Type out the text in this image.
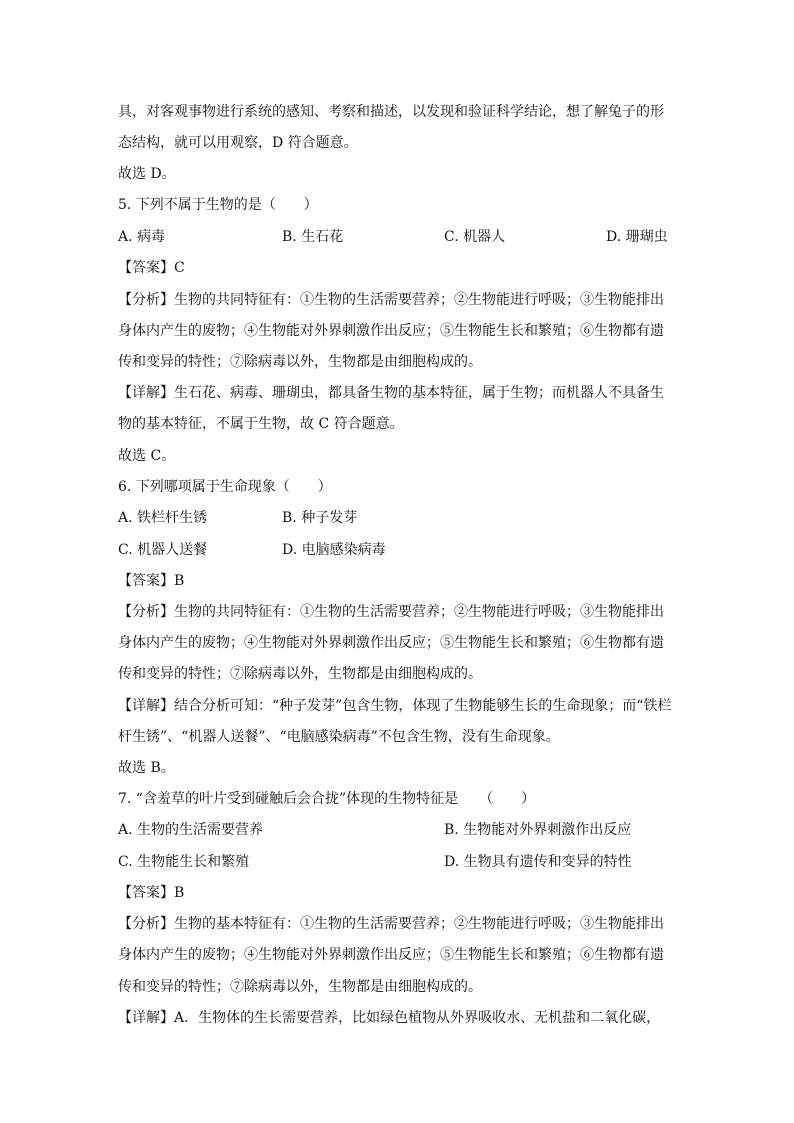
具，对客观事物进行系统的感知、考察和描述，以发现和验证科学结论，想了解兔子的形
态结构，就可以用观察，D 符合题意。
故选 D。
5. 下列不属于生物的是（　　）
A. 病毒	B. 生石花	C. 机器人	D. 珊瑚虫
【答案】C
【分析】生物的共同特征有：①生物的生活需要营养；②生物能进行呼吸；③生物能排出
身体内产生的废物；④生物能对外界刺激作出反应；⑤生物能生长和繁殖；⑥生物都有遗
传和变异的特性；⑦除病毒以外，生物都是由细胞构成的。
【详解】生石花、病毒、珊瑚虫，都具备生物的基本特征，属于生物；而机器人不具备生
物的基本特征，不属于生物，故 C 符合题意。
故选 C。
6. 下列哪项属于生命现象（　　）
A. 铁栏杆生锈	B. 种子发芽
C. 机器人送餐	D. 电脑感染病毒
【答案】B
【分析】生物的共同特征有：①生物的生活需要营养；②生物能进行呼吸；③生物能排出
身体内产生的废物；④生物能对外界刺激作出反应；⑤生物能生长和繁殖；⑥生物都有遗
传和变异的特性；⑦除病毒以外，生物都是由细胞构成的。
【详解】结合分析可知：“种子发芽”包含生物，体现了生物能够生长的生命现象；而“铁栏
杆生锈”、“机器人送餐”、“电脑感染病毒”不包含生物，没有生命现象。
故选 B。
7. “含羞草的叶片受到碰触后会合拢”体现的生物特征是　　（　　）
A. 生物的生活需要营养	B. 生物能对外界刺激作出反应
C. 生物能生长和繁殖	D. 生物具有遗传和变异的特性
【答案】B
【分析】生物的基本特征有：①生物的生活需要营养；②生物能进行呼吸；③生物能排出
身体内产生的废物；④生物能对外界刺激作出反应；⑤生物能生长和繁殖；⑥生物都有遗
传和变异的特性；⑦除病毒以外，生物都是由细胞构成的。
【详解】A．生物体的生长需要营养，比如绿色植物从外界吸收水、无机盐和二氧化碳，
